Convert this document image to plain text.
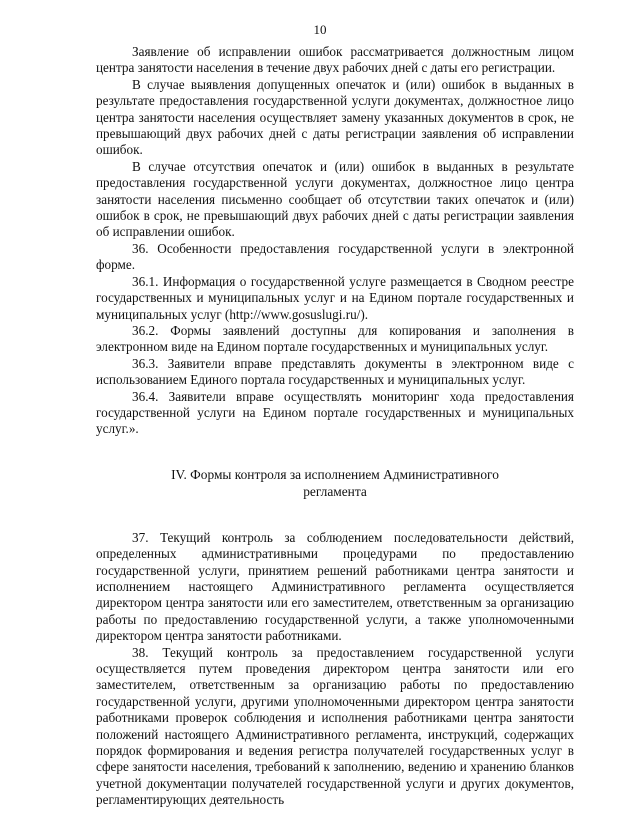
10

Заявление об исправлении ошибок рассматривается должностным лицом центра занятости населения в течение двух рабочих дней с даты его регистрации.

В случае выявления допущенных опечаток и (или) ошибок в выданных в результате предоставления государственной услуги документах, должностное лицо центра занятости населения осуществляет замену указанных документов в срок, не превышающий двух рабочих дней с даты регистрации заявления об исправлении ошибок.

В случае отсутствия опечаток и (или) ошибок в выданных в результате предоставления государственной услуги документах, должностное лицо центра занятости населения письменно сообщает об отсутствии таких опечаток и (или) ошибок в срок, не превышающий двух рабочих дней с даты регистрации заявления об исправлении ошибок.

36. Особенности предоставления государственной услуги в электронной форме.

36.1. Информация о государственной услуге размещается в Сводном реестре государственных и муниципальных услуг и на Едином портале государственных и муниципальных услуг (http://www.gosuslugi.ru/).

36.2. Формы заявлений доступны для копирования и заполнения в электронном виде на Едином портале государственных и муниципальных услуг.

36.3. Заявители вправе представлять документы в электронном виде с использованием Единого портала государственных и муниципальных услуг.

36.4. Заявители вправе осуществлять мониторинг хода предоставления государственной услуги на Едином портале государственных и муниципальных услуг.».

IV. Формы контроля за исполнением Административного
регламента

37. Текущий контроль за соблюдением последовательности действий, определенных административными процедурами по предоставлению государственной услуги, принятием решений работниками центра занятости и исполнением настоящего Административного регламента осуществляется директором центра занятости или его заместителем, ответственным за организацию работы по предоставлению государственной услуги, а также уполномоченными директором центра занятости работниками.

38. Текущий контроль за предоставлением государственной услуги осуществляется путем проведения директором центра занятости или его заместителем, ответственным за организацию работы по предоставлению государственной услуги, другими уполномоченными директором центра занятости работниками проверок соблюдения и исполнения работниками центра занятости положений настоящего Административного регламента, инструкций, содержащих порядок формирования и ведения регистра получателей государственных услуг в сфере занятости населения, требований к заполнению, ведению и хранению бланков учетной документации получателей государственной услуги и других документов, регламентирующих деятельность
